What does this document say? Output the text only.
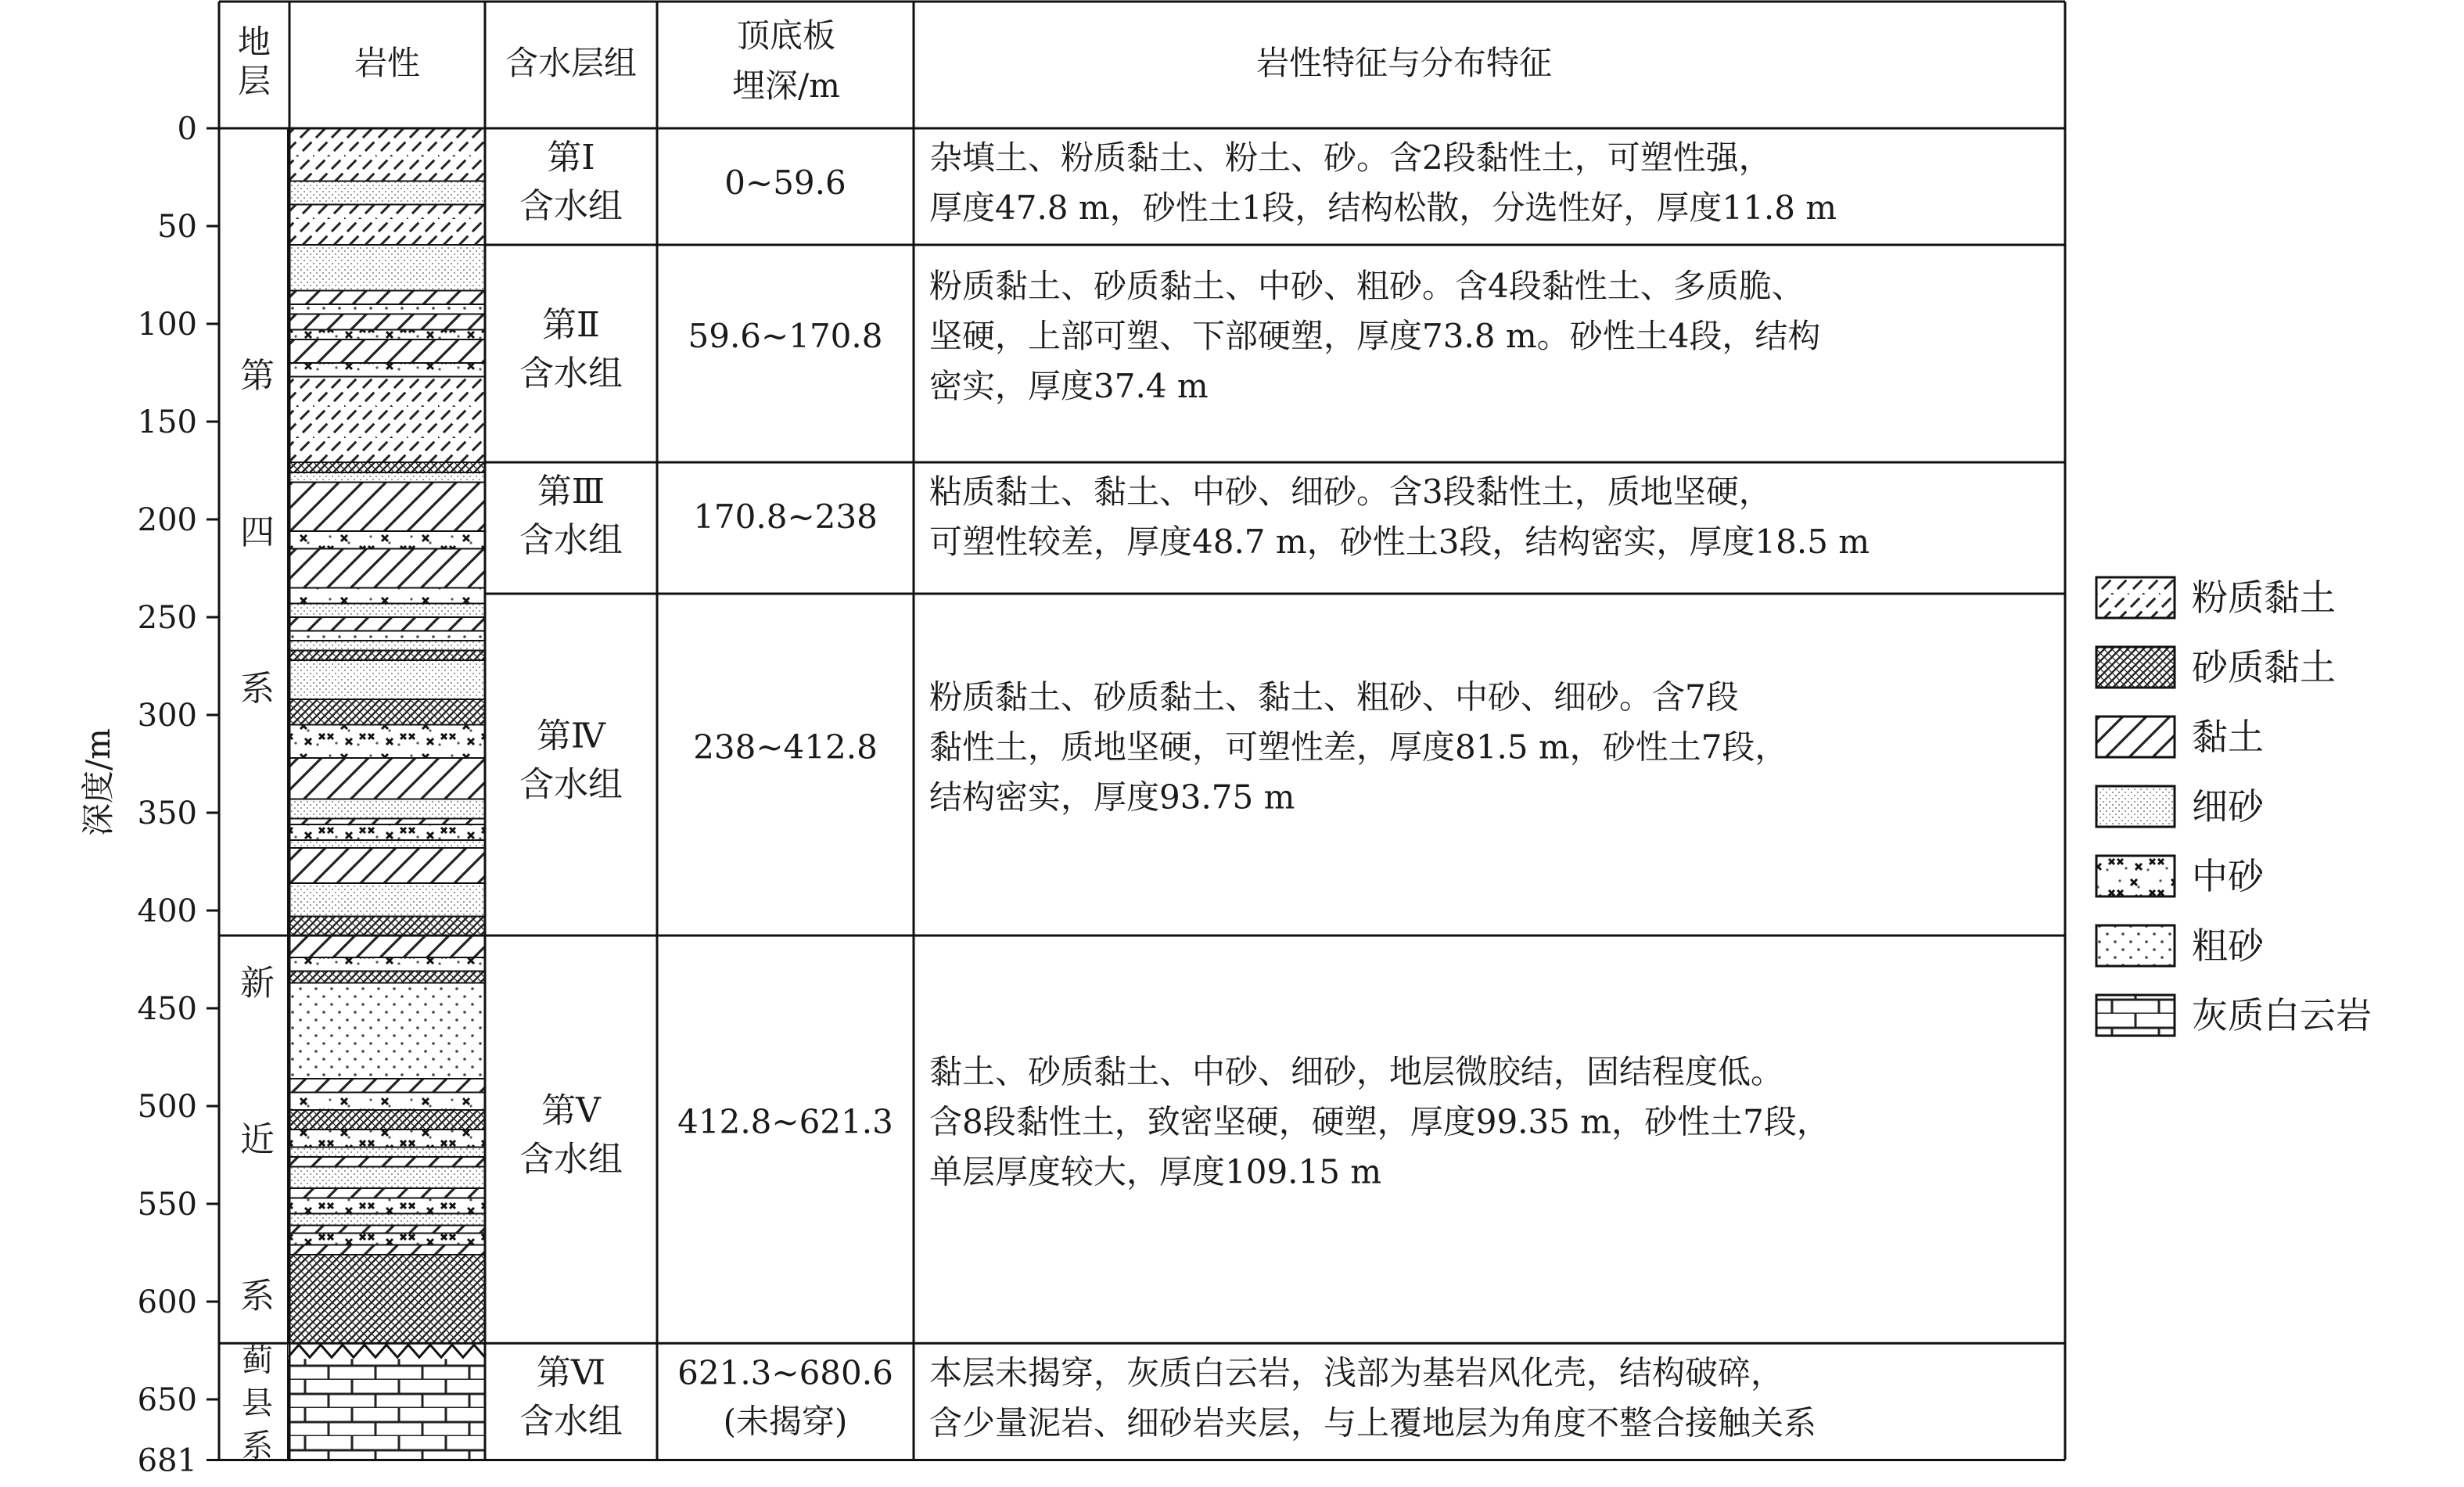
地
层	岩性	含水层组
顶底板
埋深/m
岩性特征与分布特征
深度/m
0
50
100
150
200
250
300
350
400
450
500
550
600
650
681
第
四
系
新
近
系
蓟
县
系
第Ⅰ
含水组
0~59.6
杂填土、粉质黏土、粉土、砂。含2段黏性土，可塑性强，
厚度47.8 m，砂性土1段，结构松散，分选性好，厚度11.8 m
第Ⅱ
含水组
59.6~170.8
粉质黏土、砂质黏土、中砂、粗砂。含4段黏性土、多质脆、
坚硬，上部可塑、下部硬塑，厚度73.8 m。砂性土4段，结构
密实，厚度37.4 m
第Ⅲ
含水组
170.8~238
粘质黏土、黏土、中砂、细砂。含3段黏性土，质地坚硬，
可塑性较差，厚度48.7 m，砂性土3段，结构密实，厚度18.5 m
第Ⅳ
含水组
238~412.8
粉质黏土、砂质黏土、黏土、粗砂、中砂、细砂。含7段
黏性土，质地坚硬，可塑性差，厚度81.5 m，砂性土7段，
结构密实，厚度93.75 m
第Ⅴ
含水组
412.8~621.3
黏土、砂质黏土、中砂、细砂，地层微胶结，固结程度低。
含8段黏性土，致密坚硬，硬塑，厚度99.35 m，砂性土7段，
单层厚度较大，厚度109.15 m
第Ⅵ
含水组
621.3~680.6
(未揭穿)
本层未揭穿，灰质白云岩，浅部为基岩风化壳，结构破碎，
含少量泥岩、细砂岩夹层，与上覆地层为角度不整合接触关系
粉质黏土
砂质黏土
黏土
细砂
中砂
粗砂
灰质白云岩
